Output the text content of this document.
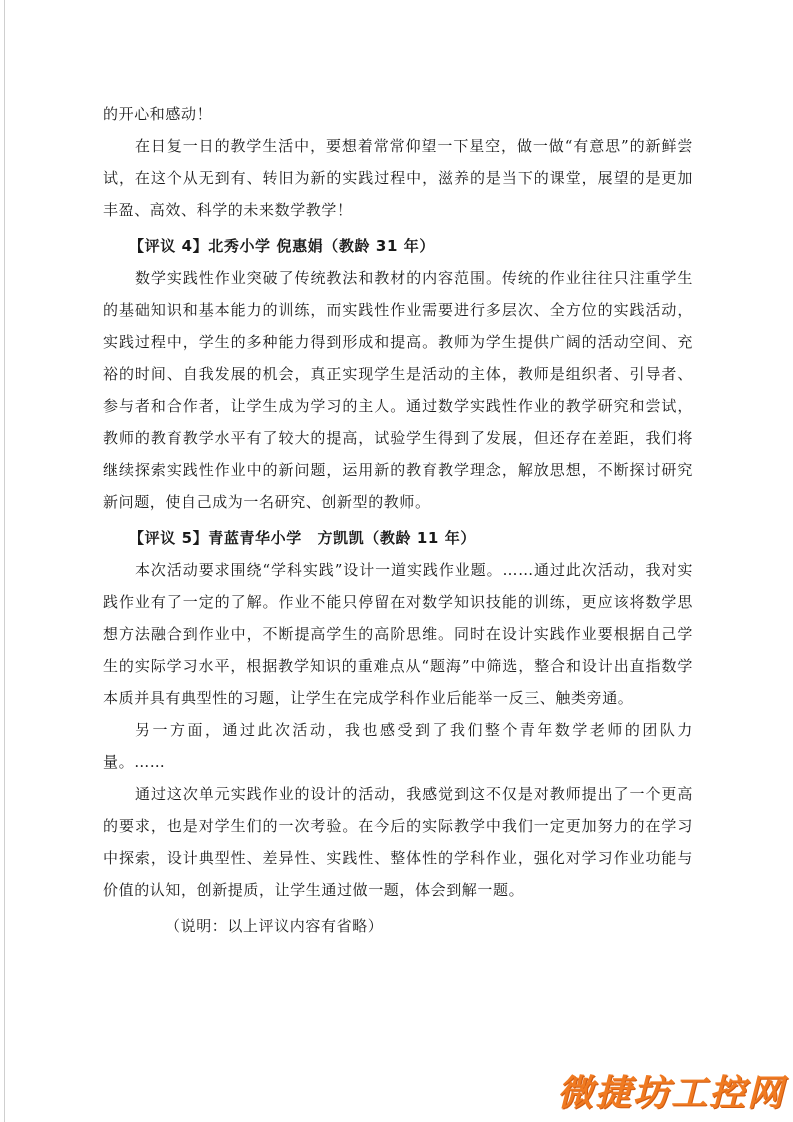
的开心和感动！

在日复一日的教学生活中，要想着常常仰望一下星空，做一做“有意思”的新鲜尝试，在这个从无到有、转旧为新的实践过程中，滋养的是当下的课堂，展望的是更加丰盈、高效、科学的未来数学教学！

【评议 4】北秀小学 倪惠娟（教龄 31 年）

数学实践性作业突破了传统教法和教材的内容范围。传统的作业往往只注重学生的基础知识和基本能力的训练，而实践性作业需要进行多层次、全方位的实践活动，实践过程中，学生的多种能力得到形成和提高。教师为学生提供广阔的活动空间、充裕的时间、自我发展的机会，真正实现学生是活动的主体，教师是组织者、引导者、参与者和合作者，让学生成为学习的主人。通过数学实践性作业的教学研究和尝试，教师的教育教学水平有了较大的提高，试验学生得到了发展，但还存在差距，我们将继续探索实践性作业中的新问题，运用新的教育教学理念，解放思想，不断探讨研究新问题，使自己成为一名研究、创新型的教师。

【评议 5】青蓝青华小学　方凯凯（教龄 11 年）

本次活动要求围绕“学科实践”设计一道实践作业题。……通过此次活动，我对实践作业有了一定的了解。作业不能只停留在对数学知识技能的训练，更应该将数学思想方法融合到作业中，不断提高学生的高阶思维。同时在设计实践作业要根据自己学生的实际学习水平，根据教学知识的重难点从“题海”中筛选，整合和设计出直指数学本质并具有典型性的习题，让学生在完成学科作业后能举一反三、触类旁通。

另一方面，通过此次活动，我也感受到了我们整个青年数学老师的团队力量。……

通过这次单元实践作业的设计的活动，我感觉到这不仅是对教师提出了一个更高的要求，也是对学生们的一次考验。在今后的实际教学中我们一定更加努力的在学习中探索，设计典型性、差异性、实践性、整体性的学科作业，强化对学习作业功能与价值的认知，创新提质，让学生通过做一题，体会到解一题。

（说明：以上评议内容有省略）

微捷坊工控网
